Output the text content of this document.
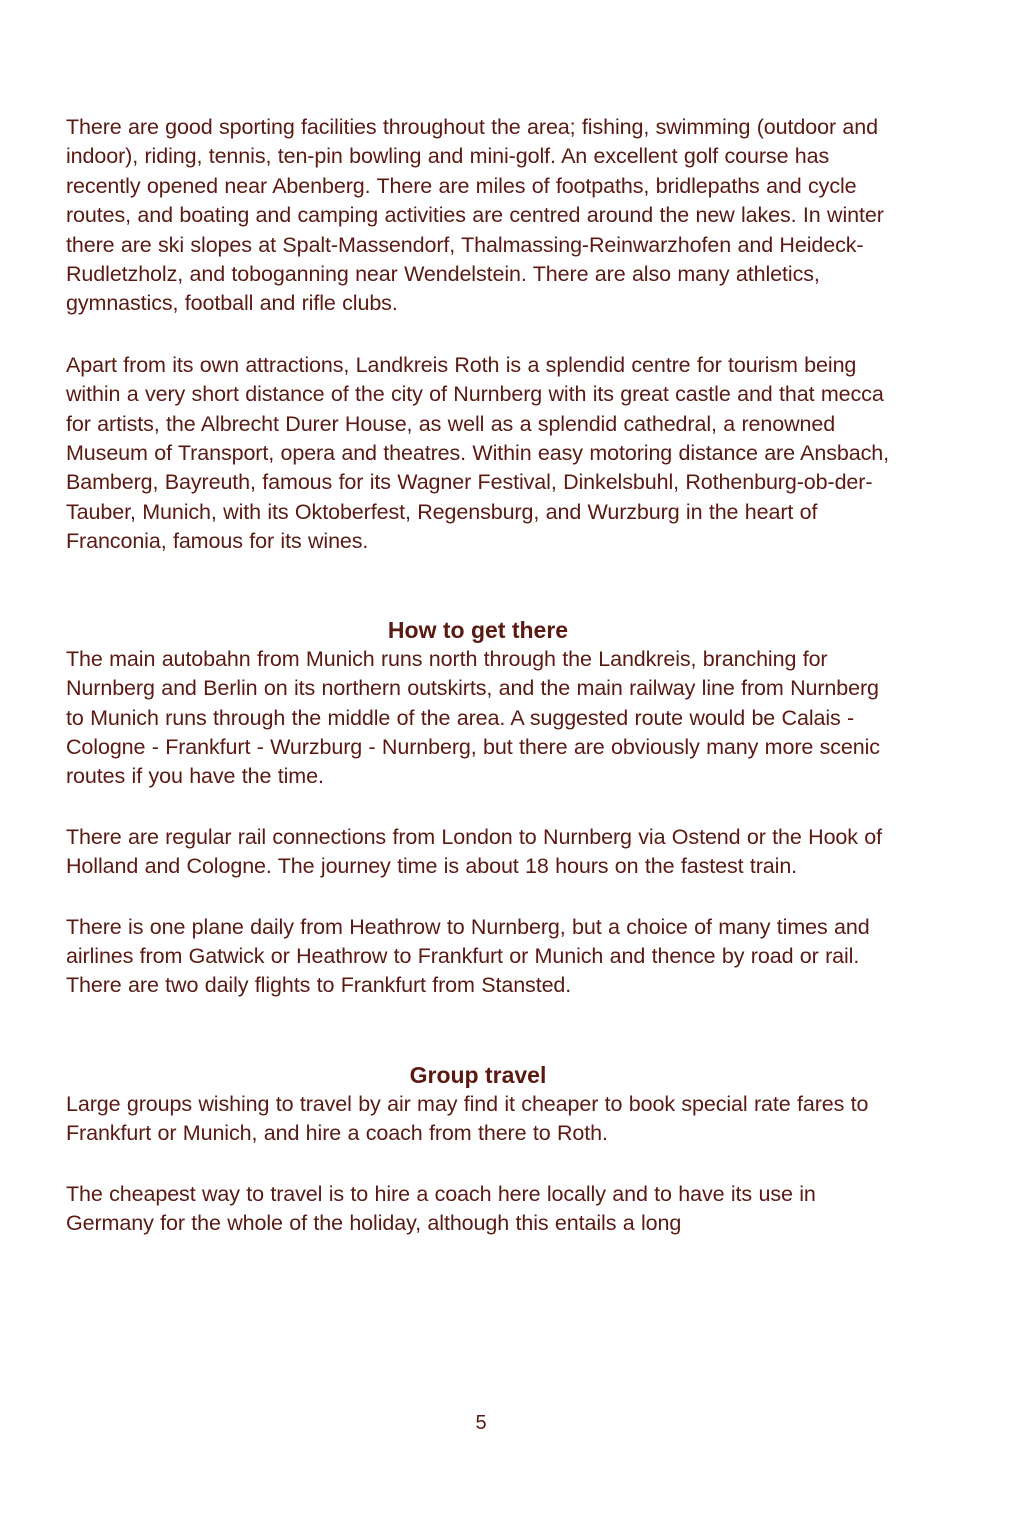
There are good sporting facilities throughout the area; fishing, swimming (outdoor and indoor), riding, tennis, ten-pin bowling and mini-golf. An excellent golf course has recently opened near Abenberg. There are miles of footpaths, bridlepaths and cycle routes, and boating and camping activities are centred around the new lakes. In winter there are ski slopes at Spalt-Massendorf, Thalmassing-Reinwarzhofen and Heideck-Rudletzholz, and toboganning near Wendelstein. There are also many athletics, gymnastics, football and rifle clubs.

Apart from its own attractions, Landkreis Roth is a splendid centre for tourism being within a very short distance of the city of Nurnberg with its great castle and that mecca for artists, the Albrecht Durer House, as well as a splendid cathedral, a renowned Museum of Transport, opera and theatres. Within easy motoring distance are Ansbach, Bamberg, Bayreuth, famous for its Wagner Festival, Dinkelsbuhl, Rothenburg-ob-der-Tauber, Munich, with its Oktoberfest, Regensburg, and Wurzburg in the heart of Franconia, famous for its wines.

How to get there

The main autobahn from Munich runs north through the Landkreis, branching for Nurnberg and Berlin on its northern outskirts, and the main railway line from Nurnberg to Munich runs through the middle of the area. A suggested route would be Calais - Cologne - Frankfurt - Wurzburg - Nurnberg, but there are obviously many more scenic routes if you have the time.

There are regular rail connections from London to Nurnberg via Ostend or the Hook of Holland and Cologne. The journey time is about 18 hours on the fastest train.

There is one plane daily from Heathrow to Nurnberg, but a choice of many times and airlines from Gatwick or Heathrow to Frankfurt or Munich and thence by road or rail. There are two daily flights to Frankfurt from Stansted.

Group travel

Large groups wishing to travel by air may find it cheaper to book special rate fares to Frankfurt or Munich, and hire a coach from there to Roth.

The cheapest way to travel is to hire a coach here locally and to have its use in Germany for the whole of the holiday, although this entails a long

5
